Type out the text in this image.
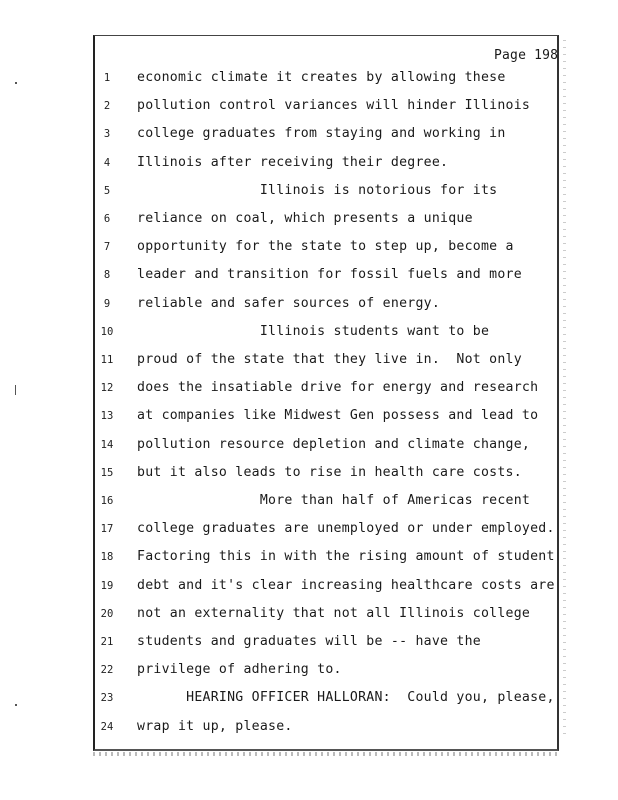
Page 198
1	economic climate it creates by allowing these
2	pollution control variances will hinder Illinois
3	college graduates from staying and working in
4	Illinois after receiving their degree.
5	Illinois is notorious for its
6	reliance on coal, which presents a unique
7	opportunity for the state to step up, become a
8	leader and transition for fossil fuels and more
9	reliable and safer sources of energy.
10	Illinois students want to be
11	proud of the state that they live in.  Not only
12	does the insatiable drive for energy and research
13	at companies like Midwest Gen possess and lead to
14	pollution resource depletion and climate change,
15	but it also leads to rise in health care costs.
16	More than half of Americas recent
17	college graduates are unemployed or under employed.
18	Factoring this in with the rising amount of student
19	debt and it's clear increasing healthcare costs are
20	not an externality that not all Illinois college
21	students and graduates will be -- have the
22	privilege of adhering to.
23	HEARING OFFICER HALLORAN:  Could you, please,
24	wrap it up, please.
